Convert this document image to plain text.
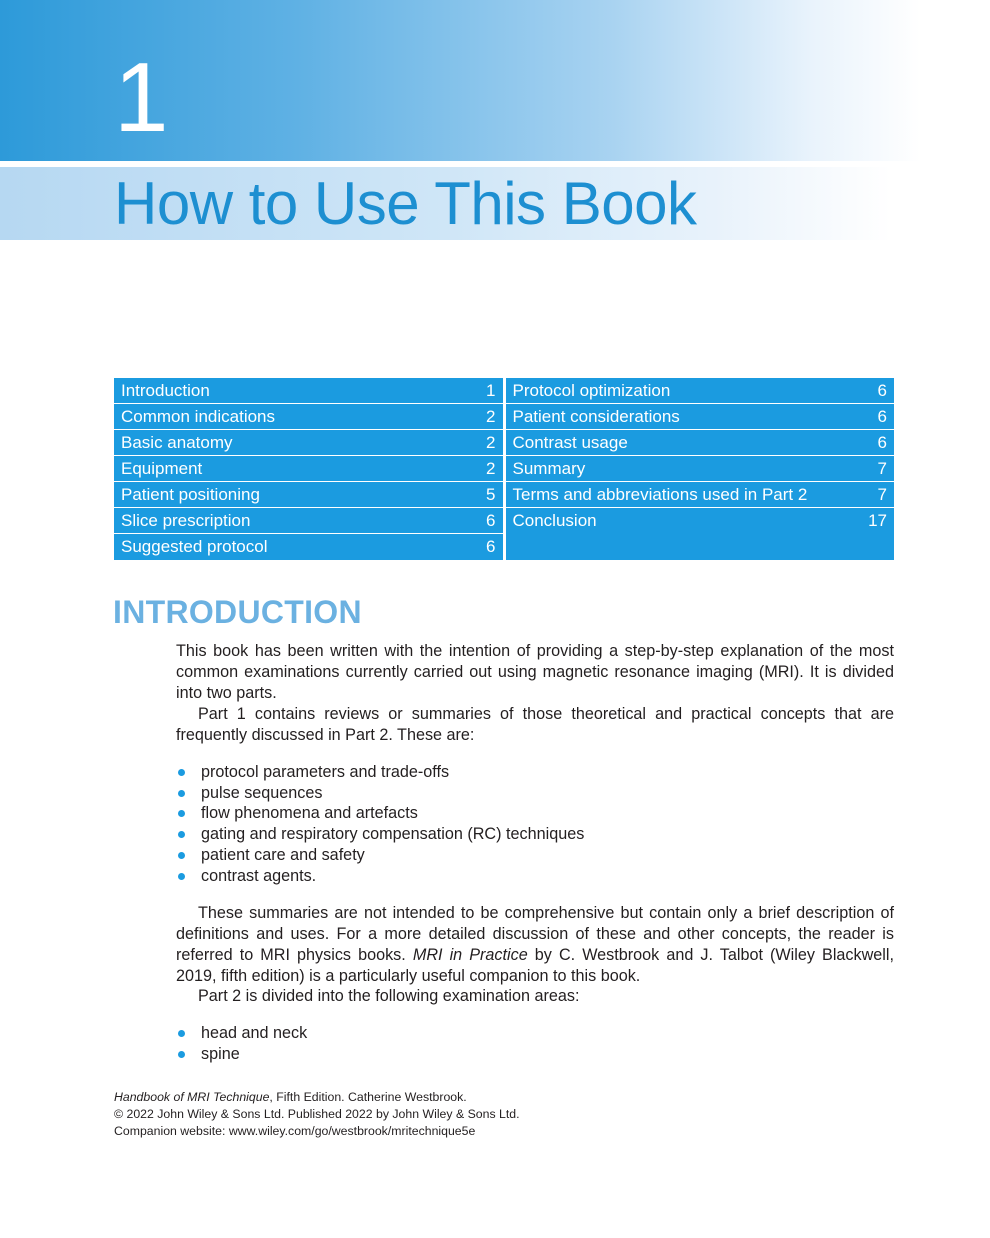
1
How to Use This Book
Introduction	1
Common indications	2
Basic anatomy	2
Equipment	2
Patient positioning	5
Slice prescription	6
Suggested protocol	6
Protocol optimization	6
Patient considerations	6
Contrast usage	6
Summary	7
Terms and abbreviations used in Part 2	7
Conclusion	17
INTRODUCTION

This book has been written with the intention of providing a step-by-step explanation of the most common examinations currently carried out using magnetic resonance imaging (MRI). It is divided into two parts.

Part 1 contains reviews or summaries of those theoretical and practical concepts that are frequently discussed in Part 2. These are:

protocol parameters and trade-offs
pulse sequences
flow phenomena and artefacts
gating and respiratory compensation (RC) techniques
patient care and safety
contrast agents.

These summaries are not intended to be comprehensive but contain only a brief description of definitions and uses. For a more detailed discussion of these and other concepts, the reader is referred to MRI physics books. MRI in Practice by C. Westbrook and J. Talbot (Wiley Blackwell, 2019, fifth edition) is a particularly useful companion to this book.

Part 2 is divided into the following examination areas:

head and neck
spine
Handbook of MRI Technique, Fifth Edition. Catherine Westbrook.
© 2022 John Wiley & Sons Ltd. Published 2022 by John Wiley & Sons Ltd.
Companion website: www.wiley.com/go/westbrook/mritechnique5e
